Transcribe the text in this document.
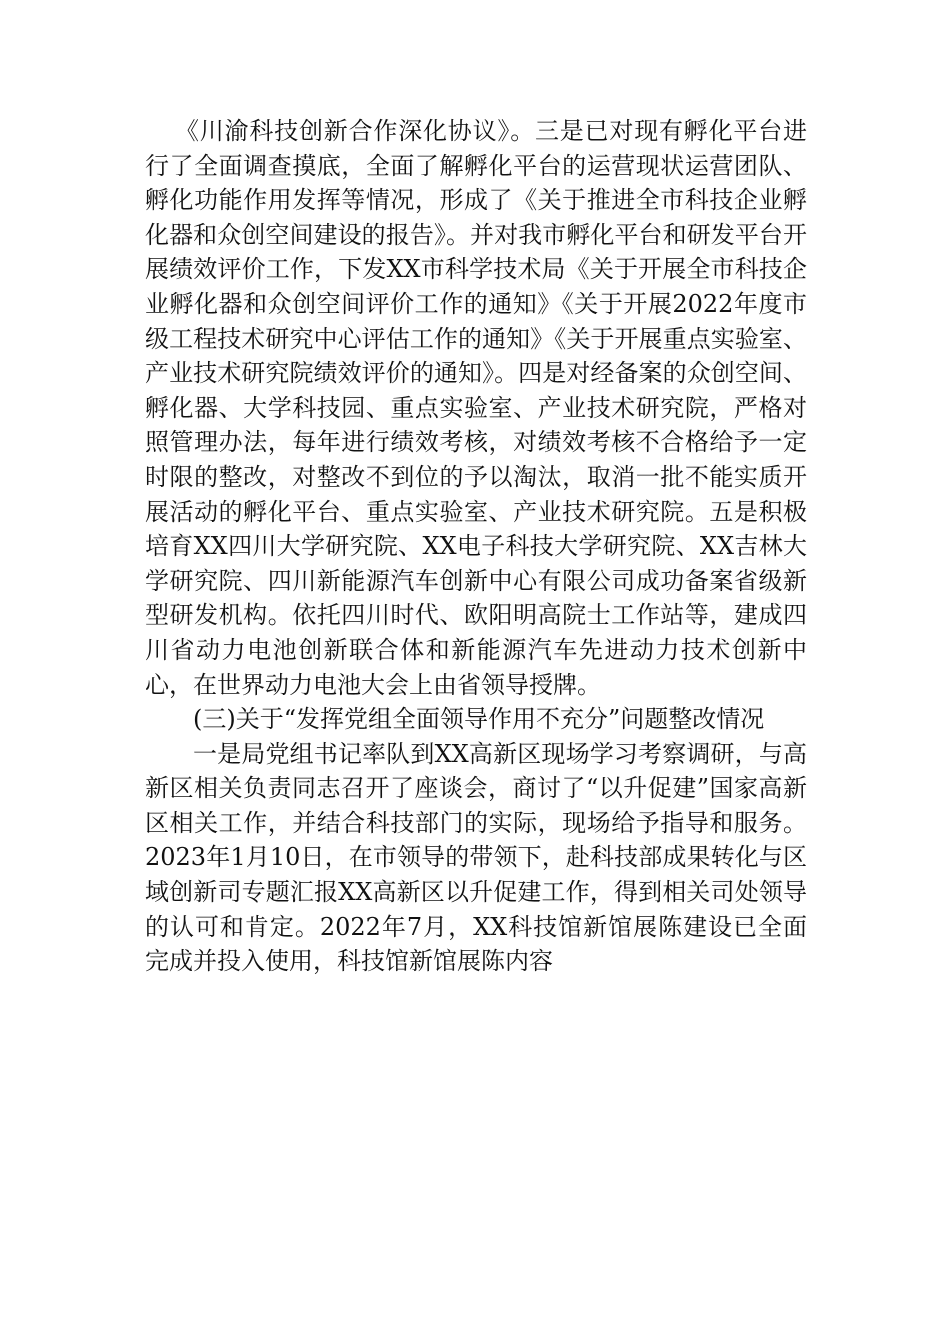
《川渝科技创新合作深化协议》。三是已对现有孵化平台进行了全面调查摸底，全面了解孵化平台的运营现状运营团队、孵化功能作用发挥等情况，形成了《关于推进全市科技企业孵化器和众创空间建设的报告》。并对我市孵化平台和研发平台开展绩效评价工作，下发XX市科学技术局《关于开展全市科技企业孵化器和众创空间评价工作的通知》《关于开展2022年度市级工程技术研究中心评估工作的通知》《关于开展重点实验室、产业技术研究院绩效评价的通知》。四是对经备案的众创空间、孵化器、大学科技园、重点实验室、产业技术研究院，严格对照管理办法，每年进行绩效考核，对绩效考核不合格给予一定时限的整改，对整改不到位的予以淘汰，取消一批不能实质开展活动的孵化平台、重点实验室、产业技术研究院。五是积极培育XX四川大学研究院、XX电子科技大学研究院、XX吉林大学研究院、四川新能源汽车创新中心有限公司成功备案省级新型研发机构。依托四川时代、欧阳明高院士工作站等，建成四川省动力电池创新联合体和新能源汽车先进动力技术创新中心，在世界动力电池大会上由省领导授牌。

(三)关于“发挥党组全面领导作用不充分”问题整改情况

一是局党组书记率队到XX高新区现场学习考察调研，与高新区相关负责同志召开了座谈会，商讨了“以升促建”国家高新区相关工作，并结合科技部门的实际，现场给予指导和服务。2023年1月10日，在市领导的带领下，赴科技部成果转化与区域创新司专题汇报XX高新区以升促建工作，得到相关司处领导的认可和肯定。2022年7月，XX科技馆新馆展陈建设已全面完成并投入使用，科技馆新馆展陈内容
